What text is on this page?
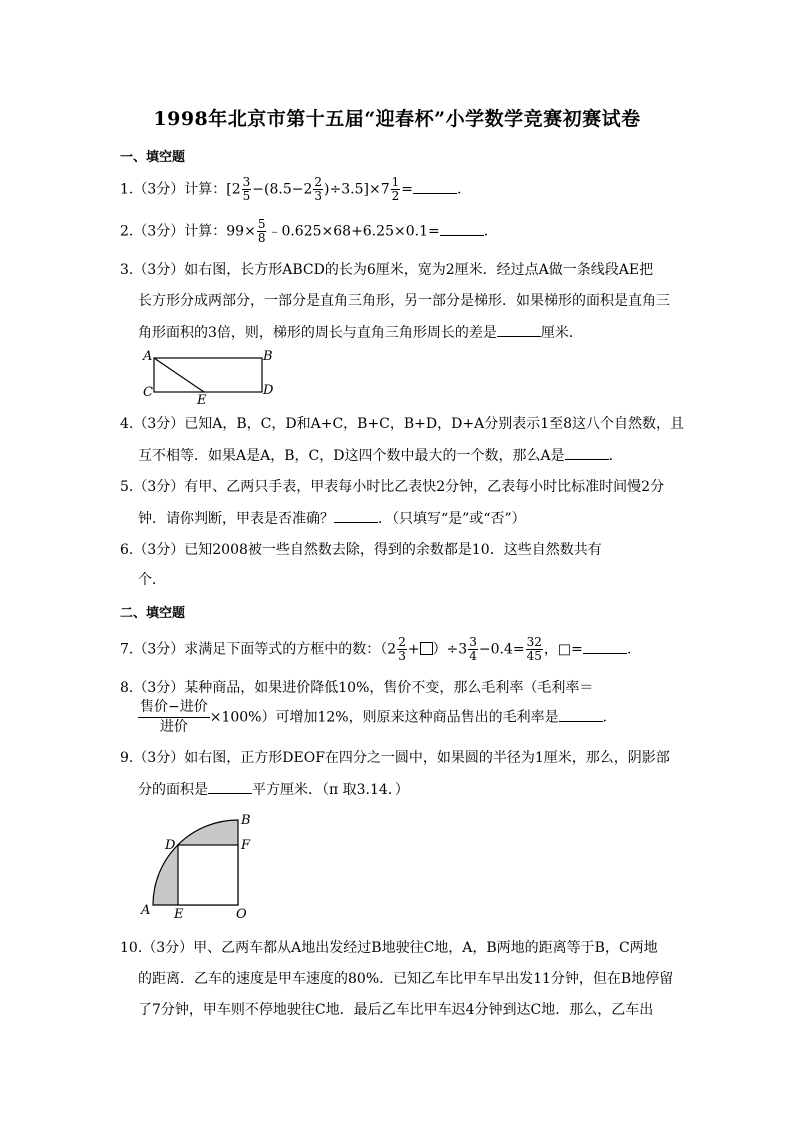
1998年北京市第十五届“迎春杯”小学数学竞赛初赛试卷
一、填空题
1.（3分）计算：$[2 \frac{3}{5} -(8.5-2 \frac{2}{3} )\div 3.5]\times 7 \frac{1}{2}$ =	.
2.（3分）计算：$99\times \frac{5}{8}$ ﹣0.625×68+6.25×0.1=	.
3.（3分）如右图，长方形ABCD的长为6厘米，宽为2厘米．经过点A做一条线段AE把
长方形分成两部分，一部分是直角三角形，另一部分是梯形．如果梯形的面积是直角三
角形面积的3倍，则，梯形的周长与直角三角形周长的差是	厘米．
A	B
C	D
E
4.（3分）已知A，B，C，D和A+C，B+C，B+D，D+A分别表示1至8这八个自然数，且
互不相等．如果A是A，B，C，D这四个数中最大的一个数，那么A是	．
5.（3分）有甲、乙两只手表，甲表每小时比乙表快2分钟，乙表每小时比标准时间慢2分
钟．请你判断，甲表是否准确？	．（只填写“是”或“否”）
6.（3分）已知2008被一些自然数去除，得到的余数都是10．这些自然数共有
个．
二、填空题
7.（3分）求满足下面等式的方框中的数：$(2 \frac{2}{3} + )\div 3 \frac{3}{4} -0.4= \frac{32}{45}$ ，□=	.
8.（3分）某种商品，如果进价降低10%，售价不变，那么毛利率（毛利率＝
售价−进价
进价
×100%）可增加12%，则原来这种商品售出的毛利率是	．
9.（3分）如右图，正方形DEOF在四分之一圆中，如果圆的半径为1厘米，那么，阴影部
分的面积是	平方厘米．（π 取3.14．）
B
D	F
A E	O
10.（3分）甲、乙两车都从A地出发经过B地驶往C地，A，B两地的距离等于B，C两地
的距离．乙车的速度是甲车速度的80%．已知乙车比甲车早出发11分钟，但在B地停留
了7分钟，甲车则不停地驶往C地．最后乙车比甲车迟4分钟到达C地．那么，乙车出
